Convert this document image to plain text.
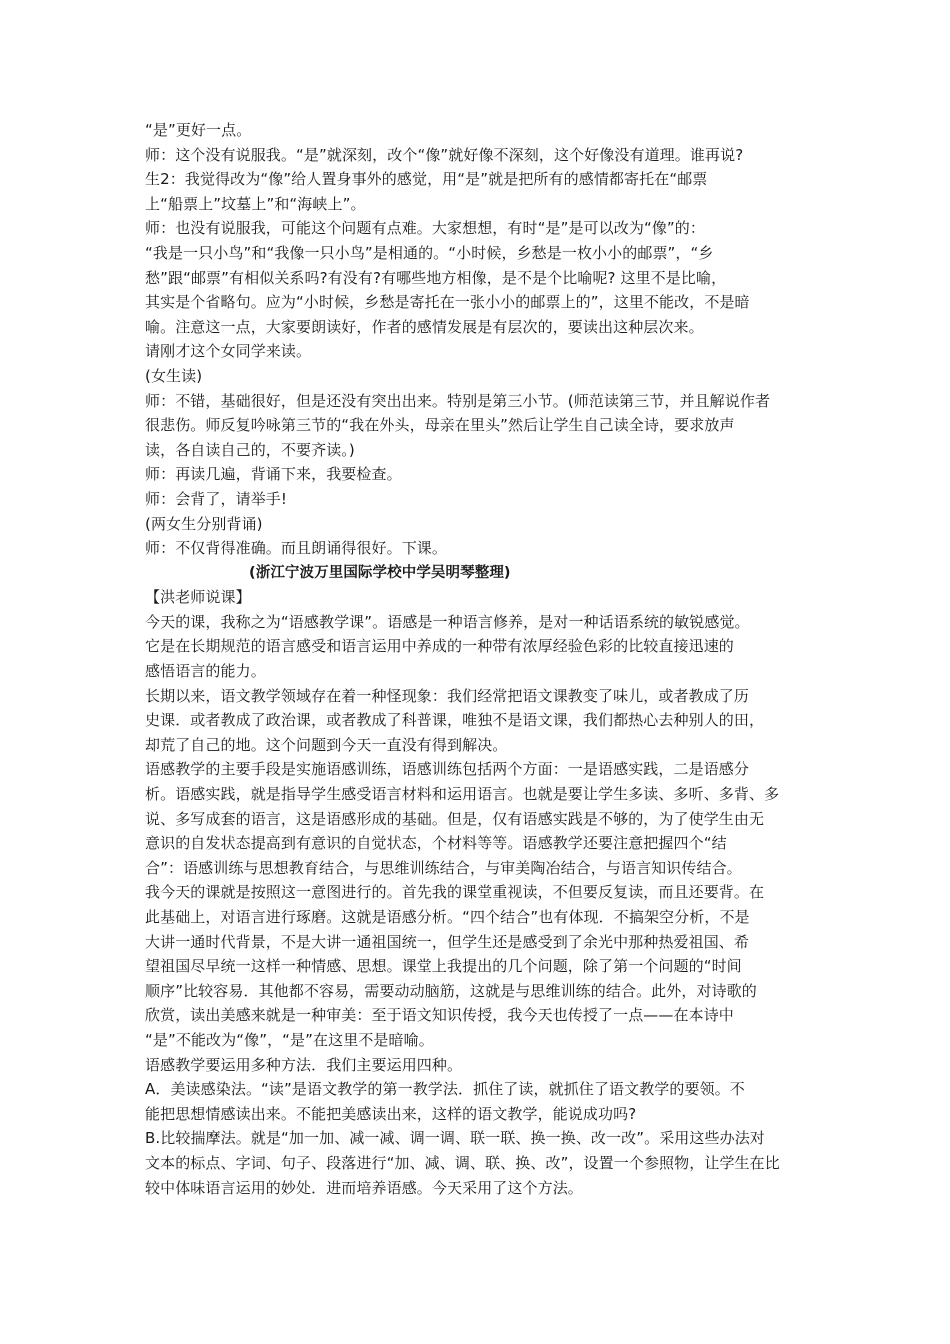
“是”更好一点。
师：这个没有说服我。“是”就深刻，改个“像”就好像不深刻，这个好像没有道理。谁再说?
生2：我觉得改为“像”给人置身事外的感觉，用“是”就是把所有的感情都寄托在“邮票
上“船票上”坟墓上”和“海峡上”。
师：也没有说服我，可能这个问题有点难。大家想想，有时“是”是可以改为“像”的：
“我是一只小鸟”和“我像一只小鸟”是相通的。“小时候，乡愁是一枚小小的邮票”，“乡
愁”跟“邮票”有相似关系吗?有没有?有哪些地方相像，是不是个比喻呢? 这里不是比喻，
其实是个省略句。应为“小时候，乡愁是寄托在一张小小的邮票上的”，这里不能改，不是暗
喻。注意这一点，大家要朗读好，作者的感情发展是有层次的，要读出这种层次来。
请刚才这个女同学来读。
(女生读)
师：不错，基础很好，但是还没有突出出来。特别是第三小节。(师范读第三节，并且解说作者
很悲伤。师反复吟咏第三节的“我在外头，母亲在里头”然后让学生自己读全诗，要求放声
读，各自读自己的，不要齐读。)
师：再读几遍，背诵下来，我要检查。
师：会背了，请举手!
(两女生分别背诵)
师：不仅背得准确。而且朗诵得很好。下课。
(浙江宁波万里国际学校中学吴明琴整理)
【洪老师说课】
今天的课，我称之为“语感教学课”。语感是一种语言修养，是对一种话语系统的敏锐感觉。
它是在长期规范的语言感受和语言运用中养成的一种带有浓厚经验色彩的比较直接迅速的
感悟语言的能力。
长期以来，语文教学领域存在着一种怪现象：我们经常把语文课教变了味儿，或者教成了历
史课．或者教成了政治课，或者教成了科普课，唯独不是语文课，我们都热心去种别人的田，
却荒了自己的地。这个问题到今天一直没有得到解决。
语感教学的主要手段是实施语感训练，语感训练包括两个方面：一是语感实践，二是语感分
析。语感实践，就是指导学生感受语言材料和运用语言。也就是要让学生多读、多听、多背、多
说、多写成套的语言，这是语感形成的基础。但是，仅有语感实践是不够的，为了使学生由无
意识的自发状态提高到有意识的自觉状态，个材料等等。语感教学还要注意把握四个“结
合”：语感训练与思想教育结合，与思维训练结合，与审美陶冶结合，与语言知识传结合。
我今天的课就是按照这一意图进行的。首先我的课堂重视读，不但要反复读，而且还要背。在
此基础上，对语言进行琢磨。这就是语感分析。“四个结合”也有体现．不搞架空分析，不是
大讲一通时代背景，不是大讲一通祖国统一，但学生还是感受到了余光中那种热爱祖国、希
望祖国尽早统一这样一种情感、思想。课堂上我提出的几个问题，除了第一个问题的“时间
顺序”比较容易．其他都不容易，需要动动脑筋，这就是与思维训练的结合。此外，对诗歌的
欣赏，读出美感来就是一种审美：至于语文知识传授，我今天也传授了一点——在本诗中
“是”不能改为“像”，“是”在这里不是暗喻。
语感教学要运用多种方法．我们主要运用四种。
A．美读感染法。“读”是语文教学的第一教学法．抓住了读，就抓住了语文教学的要领。不
能把思想情感读出来。不能把美感读出来，这样的语文教学，能说成功吗?
B.比较揣摩法。就是“加一加、减一减、调一调、联一联、换一换、改一改”。采用这些办法对
文本的标点、字词、句子、段落进行“加、减、调、联、换、改”，设置一个参照物，让学生在比
较中体味语言运用的妙处．进而培养语感。今天采用了这个方法。
